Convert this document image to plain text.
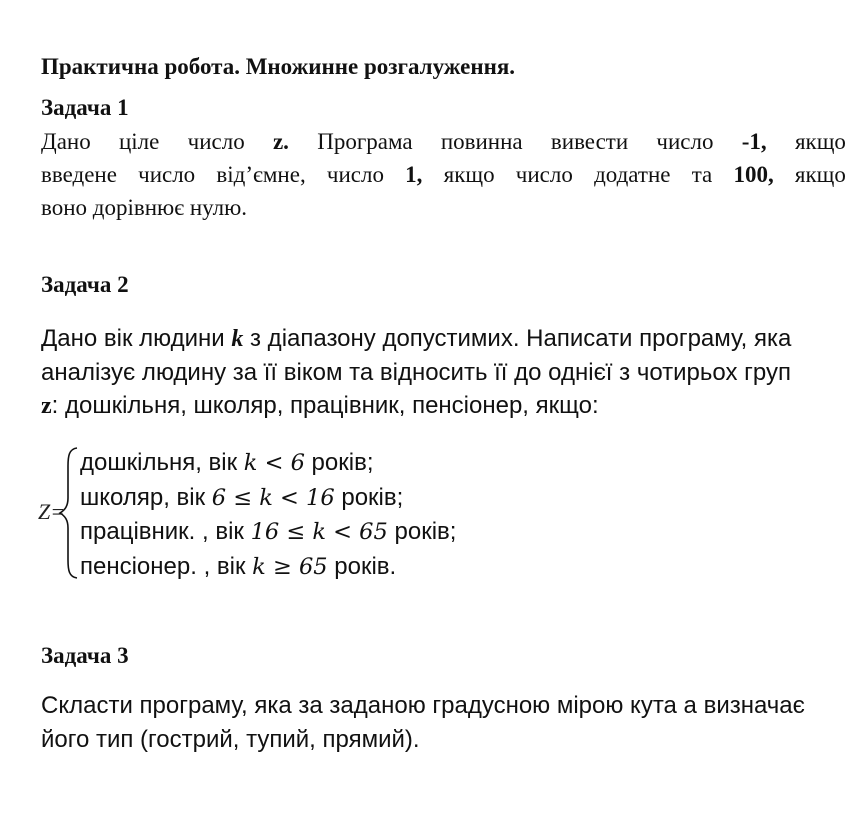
Практична робота. Множинне розгалуження.
Задача 1
Дано ціле число z. Програма повинна вивести число -1, якщо
введене число від’ємне, число 1, якщо число додатне та 100, якщо
воно дорівнює нулю.
Задача 2
Дано вік людини k з діапазону допустимих. Написати програму, яка
аналізує людину за її віком та відносить її до однієї з чотирьох груп
z: дошкільня, школяр, працівник, пенсіонер, якщо:
Z=
дошкільня, вік k < 6 років;
школяр, вік 6 ≤ k < 16 років;
працівник. , вік 16 ≤ k < 65 років;
пенсіонер. , вік k ≥ 65 років.
Задача 3
Скласти програму, яка за заданою градусною мірою кута а визначає
його тип (гострий, тупий, прямий).
